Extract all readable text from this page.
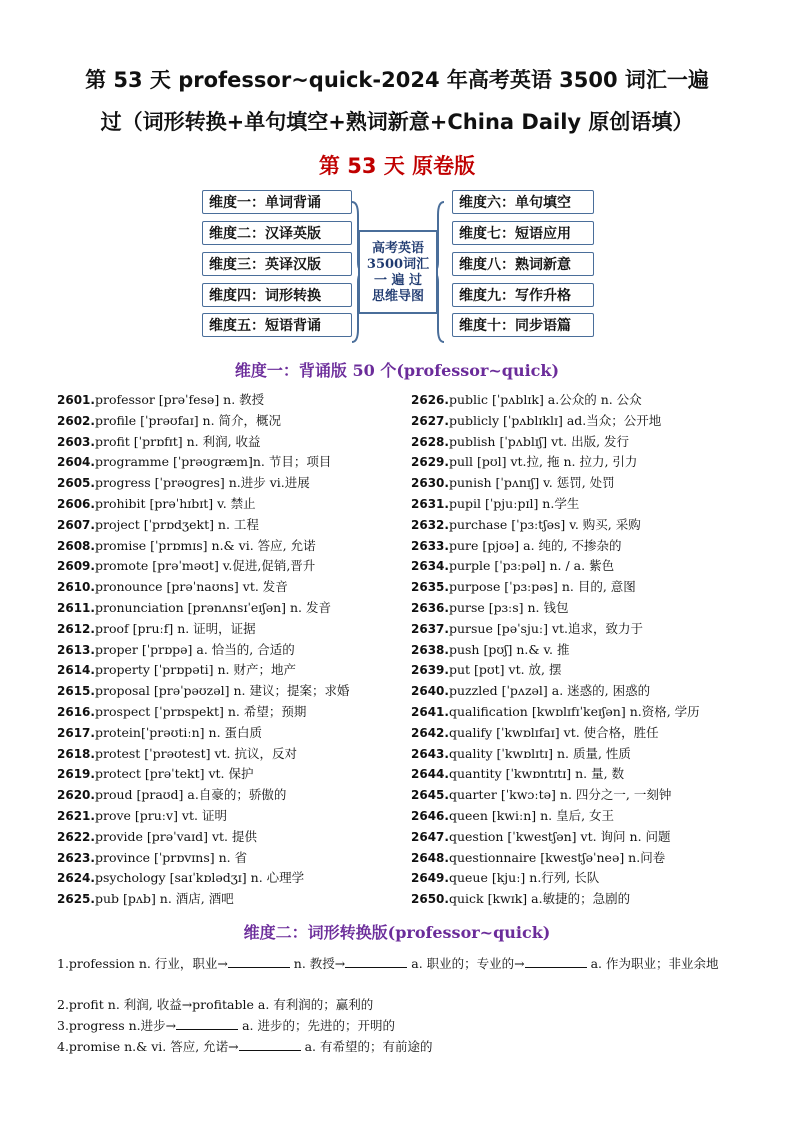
第 53 天 professor~quick-2024 年高考英语 3500 词汇一遍
过（词形转换+单句填空+熟词新意+China Daily 原创语填）
第 53 天 原卷版
维度一：单词背诵
维度二：汉译英版
维度三：英译汉版
维度四：词形转换
维度五：短语背诵
高考英语
3500词汇
一 遍 过
思维导图
维度六：单句填空
维度七：短语应用
维度八：熟词新意
维度九：写作升格
维度十：同步语篇
维度一：背诵版 50 个(professor~quick)
2601.professor [prəˈfesə] n. 教授
2602.profile [ˈprəʊfaɪ] n. 简介，概况
2603.profit [ˈprɒfɪt] n. 利润, 收益
2604.programme [ˈprəʊɡræm]n. 节目；项目
2605.progress [ˈprəʊɡres] n.进步 vi.进展
2606.prohibit [prəˈhɪbɪt] v. 禁止
2607.project [ˈprɒdʒekt] n. 工程
2608.promise [ˈprɒmɪs] n.& vi. 答应, 允诺
2609.promote [prəˈməʊt] v.促进,促销,晋升
2610.pronounce [prəˈnaʊns] vt. 发音
2611.pronunciation [prənʌnsɪˈeɪʃən] n. 发音
2612.proof [pruːf] n. 证明，证据
2613.proper [ˈprɒpə] a. 恰当的, 合适的
2614.property [ˈprɒpəti] n. 财产；地产
2615.proposal [prəˈpəʊzəl] n. 建议；提案；求婚
2616.prospect [ˈprɒspekt] n. 希望；预期
2617.protein[ˈprəʊtiːn] n. 蛋白质
2618.protest [ˈprəʊtest] vt. 抗议，反对
2619.protect [prəˈtekt] vt. 保护
2620.proud [praʊd] a.自豪的；骄傲的
2621.prove [pruːv] vt. 证明
2622.provide [prəˈvaɪd] vt. 提供
2623.province [ˈprɒvɪns] n. 省
2624.psychology [saɪˈkɒlədʒɪ] n. 心理学
2625.pub [pʌb] n. 酒店, 酒吧
2626.public [ˈpʌblɪk] a.公众的 n. 公众
2627.publicly [ˈpʌblɪklɪ] ad.当众；公开地
2628.publish [ˈpʌblɪʃ] vt. 出版, 发行
2629.pull [pʊl] vt.拉, 拖 n. 拉力, 引力
2630.punish [ˈpʌnɪʃ] v. 惩罚, 处罚
2631.pupil [ˈpjuːpɪl] n.学生
2632.purchase [ˈpɜːtʃəs] v. 购买, 采购
2633.pure [pjʊə] a. 纯的, 不掺杂的
2634.purple [ˈpɜːpəl] n. / a. 紫色
2635.purpose [ˈpɜːpəs] n. 目的, 意图
2636.purse [pɜːs] n. 钱包
2637.pursue [pəˈsjuː] vt.追求，致力于
2638.push [pʊʃ] n.& v. 推
2639.put [pʊt] vt. 放, 摆
2640.puzzled [ˈpʌzəl] a. 迷惑的, 困惑的
2641.qualification [kwɒlɪfɪˈkeɪʃən] n.资格, 学历
2642.qualify [ˈkwɒlɪfaɪ] vt. 使合格，胜任
2643.quality [ˈkwɒlɪtɪ] n. 质量, 性质
2644.quantity [ˈkwɒntɪtɪ] n. 量, 数
2645.quarter [ˈkwɔːtə] n. 四分之一, 一刻钟
2646.queen [kwiːn] n. 皇后, 女王
2647.question [ˈkwestʃən] vt. 询问 n. 问题
2648.questionnaire [kwestʃəˈneə] n.问卷
2649.queue [kjuː] n.行列, 长队
2650.quick [kwɪk] a.敏捷的；急剧的
维度二：词形转换版(professor~quick)
1.profession n. 行业，职业→	n. 教授→	a. 职业的；专业的→	a. 作为职业；非业余地
2.profit n. 利润, 收益→profitable a. 有利润的；赢利的
3.progress n.进步→	a. 进步的；先进的；开明的
4.promise n.& vi. 答应, 允诺→	a. 有希望的；有前途的
